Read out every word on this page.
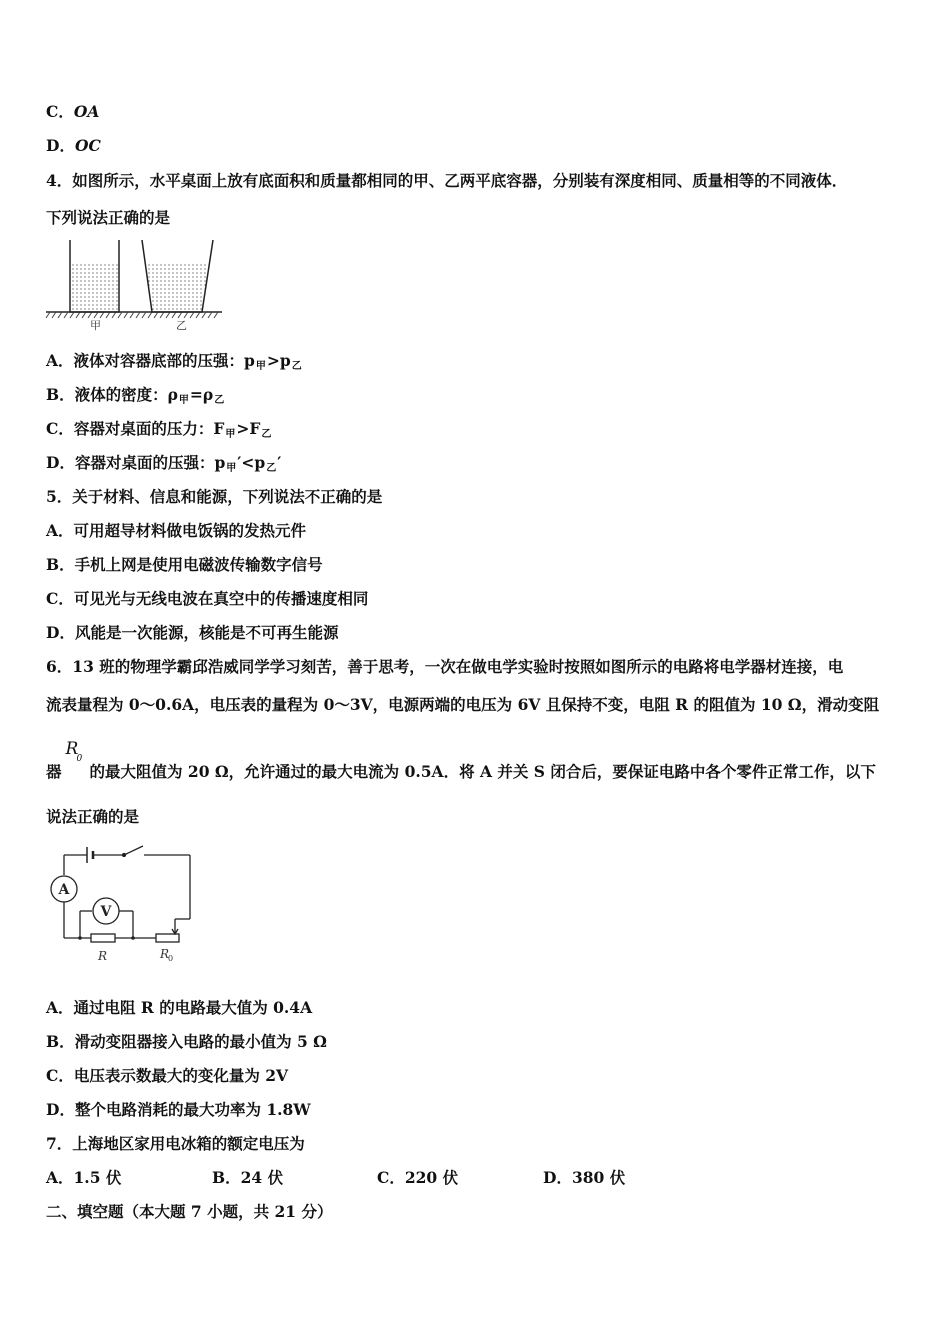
C．OA
D．OC
4．如图所示，水平桌面上放有底面积和质量都相同的甲、乙两平底容器，分别装有深度相同、质量相等的不同液体．
下列说法正确的是
甲	乙
A．液体对容器底部的压强：p甲>p乙
B．液体的密度：ρ甲=ρ乙
C．容器对桌面的压力：F甲>F乙
D．容器对桌面的压强：p甲′<p乙′
5．关于材料、信息和能源，下列说法不正确的是
A．可用超导材料做电饭锅的发热元件
B．手机上网是使用电磁波传输数字信号
C．可见光与无线电波在真空中的传播速度相同
D．风能是一次能源，核能是不可再生能源
6．13 班的物理学霸邱浩威同学学习刻苦，善于思考，一次在做电学实验时按照如图所示的电路将电学器材连接，电
流表量程为 0～0.6A，电压表的量程为 0～3V，电源两端的电压为 6V 且保持不变，电阻 R 的阻值为 10 Ω，滑动变阻
器
R
0
的最大阻值为 20 Ω，允许通过的最大电流为 0.5A．将 A 并关 S 闭合后，要保证电路中各个零件正常工作，以下
说法正确的是
A
V
R	R
0
A．通过电阻 R 的电路最大值为 0.4A
B．滑动变阻器接入电路的最小值为 5 Ω
C．电压表示数最大的变化量为 2V
D．整个电路消耗的最大功率为 1.8W
7．上海地区家用电冰箱的额定电压为
A．1.5 伏	B．24 伏	C．220 伏	D．380 伏
二、填空题（本大题 7 小题，共 21 分）
